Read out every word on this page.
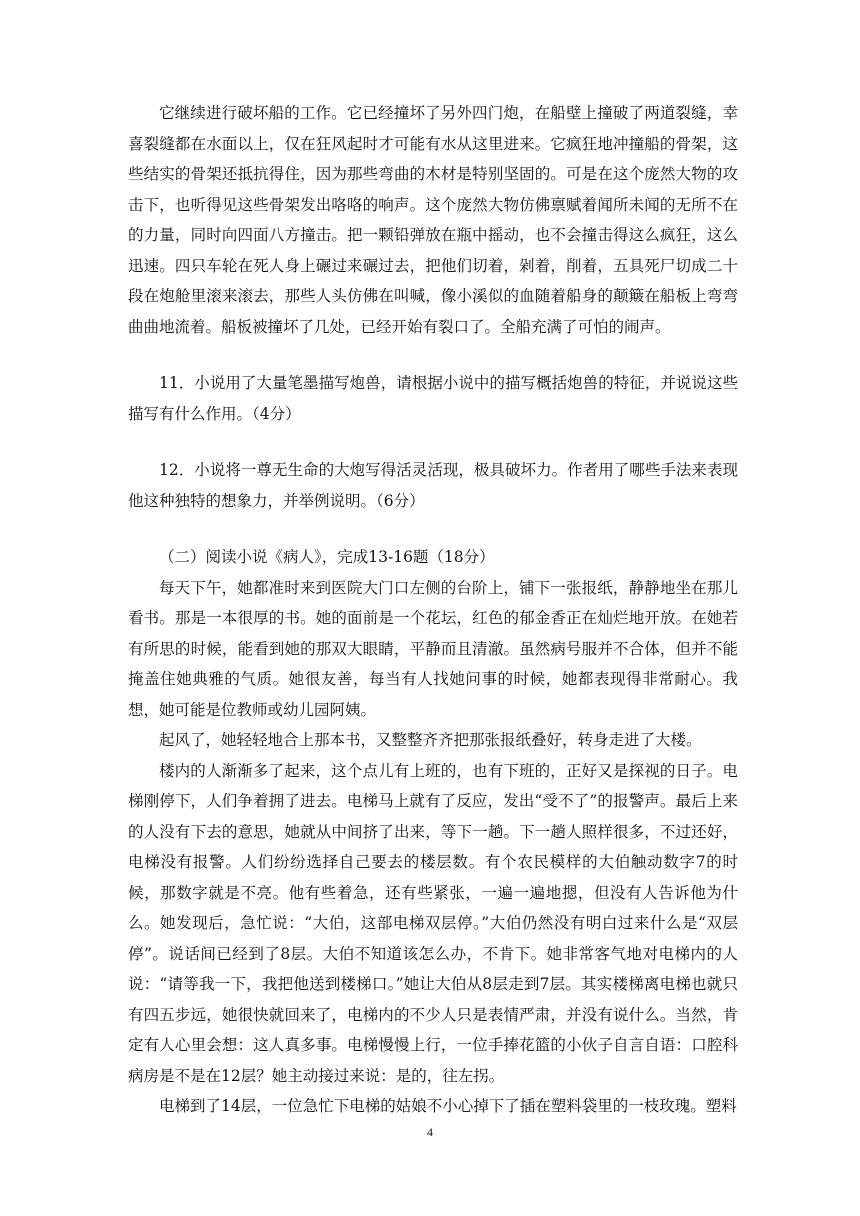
它继续进行破坏船的工作。它已经撞坏了另外四门炮，在船壁上撞破了两道裂缝，幸喜裂缝都在水面以上，仅在狂风起时才可能有水从这里进来。它疯狂地冲撞船的骨架，这些结实的骨架还抵抗得住，因为那些弯曲的木材是特别坚固的。可是在这个庞然大物的攻击下，也听得见这些骨架发出咯咯的响声。这个庞然大物仿佛禀赋着闻所未闻的无所不在的力量，同时向四面八方撞击。把一颗铅弹放在瓶中摇动，也不会撞击得这么疯狂，这么迅速。四只车轮在死人身上碾过来碾过去，把他们切着，剁着，削着，五具死尸切成二十段在炮舱里滚来滚去，那些人头仿佛在叫喊，像小溪似的血随着船身的颠簸在船板上弯弯曲曲地流着。船板被撞坏了几处，已经开始有裂口了。全船充满了可怕的闹声。

11．小说用了大量笔墨描写炮兽，请根据小说中的描写概括炮兽的特征，并说说这些描写有什么作用。（4分）

12．小说将一尊无生命的大炮写得活灵活现，极具破坏力。作者用了哪些手法来表现他这种独特的想象力，并举例说明。（6分）

（二）阅读小说《病人》，完成13-16题（18分）

每天下午，她都准时来到医院大门口左侧的台阶上，铺下一张报纸，静静地坐在那儿看书。那是一本很厚的书。她的面前是一个花坛，红色的郁金香正在灿烂地开放。在她若有所思的时候，能看到她的那双大眼睛，平静而且清澈。虽然病号服并不合体，但并不能掩盖住她典雅的气质。她很友善，每当有人找她问事的时候，她都表现得非常耐心。我想，她可能是位教师或幼儿园阿姨。

起风了，她轻轻地合上那本书，又整整齐齐把那张报纸叠好，转身走进了大楼。

楼内的人渐渐多了起来，这个点儿有上班的，也有下班的，正好又是探视的日子。电梯刚停下，人们争着拥了进去。电梯马上就有了反应，发出“受不了”的报警声。最后上来的人没有下去的意思，她就从中间挤了出来，等下一趟。下一趟人照样很多，不过还好，电梯没有报警。人们纷纷选择自己要去的楼层数。有个农民模样的大伯触动数字7的时候，那数字就是不亮。他有些着急，还有些紧张，一遍一遍地摁，但没有人告诉他为什么。她发现后，急忙说：“大伯，这部电梯双层停。”大伯仍然没有明白过来什么是“双层停”。说话间已经到了8层。大伯不知道该怎么办，不肯下。她非常客气地对电梯内的人说：“请等我一下，我把他送到楼梯口。”她让大伯从8层走到7层。其实楼梯离电梯也就只有四五步远，她很快就回来了，电梯内的不少人只是表情严肃，并没有说什么。当然，肯定有人心里会想：这人真多事。电梯慢慢上行，一位手捧花篮的小伙子自言自语：口腔科病房是不是在12层？她主动接过来说：是的，往左拐。

电梯到了14层，一位急忙下电梯的姑娘不小心掉下了插在塑料袋里的一枝玫瑰。塑料

4
